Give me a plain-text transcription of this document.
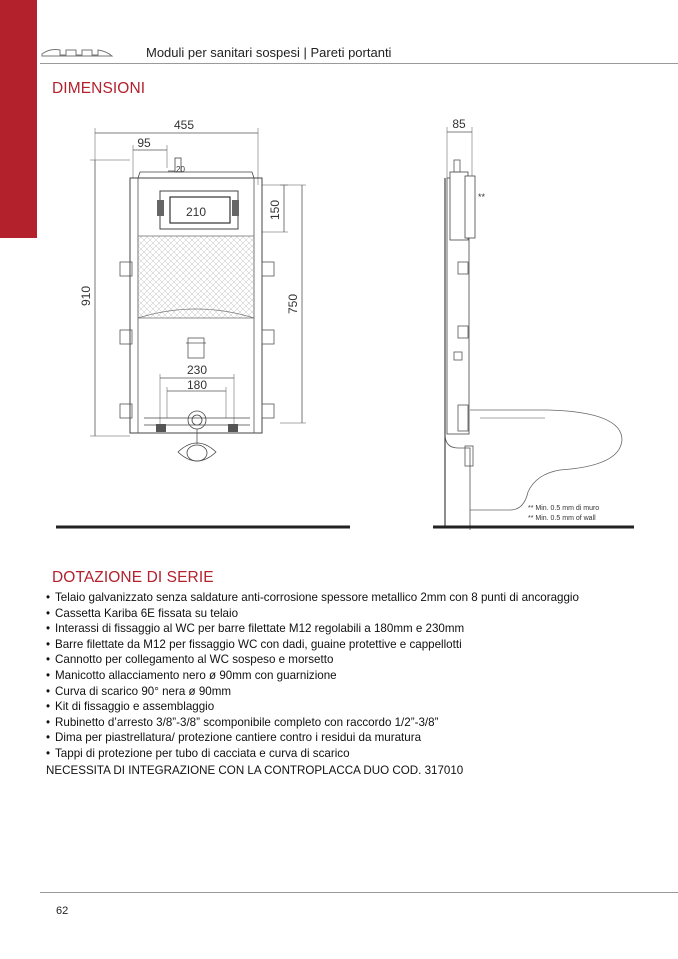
Moduli per sanitari sospesi | Pareti portanti
DIMENSIONI
455
95
20
210	150
750
910
230
180
85
**
** Min. 0.5 mm di muro
** Min. 0.5 mm of wall
DOTAZIONE DI SERIE
• Telaio galvanizzato senza saldature anti-corrosione spessore metallico 2mm con 8 punti di ancoraggio
• Cassetta Kariba 6E fissata su telaio
• Interassi di fissaggio al WC per barre filettate M12 regolabili a 180mm e 230mm
• Barre filettate da M12 per fissaggio WC con dadi, guaine protettive e cappellotti
• Cannotto per collegamento al WC sospeso e morsetto
• Manicotto allacciamento nero ø 90mm con guarnizione
• Curva di scarico 90° nera ø 90mm
• Kit di fissaggio e assemblaggio
• Rubinetto d’arresto 3/8”-3/8” scomponibile completo con raccordo 1/2”-3/8”
• Dima per piastrellatura/ protezione cantiere contro i residui da muratura
• Tappi di protezione per tubo di cacciata e curva di scarico
NECESSITA DI INTEGRAZIONE CON LA CONTROPLACCA DUO COD. 317010
62
